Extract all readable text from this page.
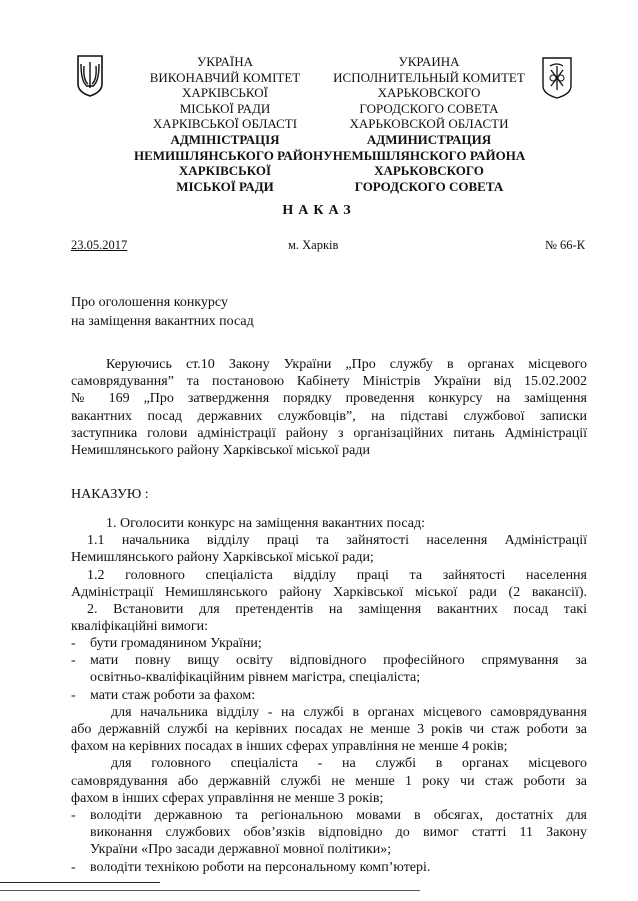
УКРАЇНА
ВИКОНАВЧИЙ КОМІТЕТ
ХАРКІВСЬКОЇ
МІСЬКОЇ РАДИ
ХАРКІВСЬКОЇ ОБЛАСТІ
АДМІНІСТРАЦІЯ
НЕМИШЛЯНСЬКОГО РАЙОНУ
ХАРКІВСЬКОЇ
МІСЬКОЇ РАДИ
УКРАИНА
ИСПОЛНИТЕЛЬНЫЙ КОМИТЕТ
ХАРЬКОВСКОГО
ГОРОДСКОГО СОВЕТА
ХАРЬКОВСКОЙ ОБЛАСТИ
АДМИНИСТРАЦИЯ
НЕМЫШЛЯНСКОГО РАЙОНА
ХАРЬКОВСКОГО
ГОРОДСКОГО СОВЕТА
НАКАЗ
23.05.2017	м. Харків	№ 66-К
Про оголошення конкурсу
на заміщення вакантних посад
Керуючись ст.10 Закону України „Про службу в органах місцевого
самоврядування” та постановою Кабінету Міністрів України від 15.02.2002
№ 169 „Про затвердження порядку проведення конкурсу на заміщення
вакантних посад державних службовців”, на підставі службової записки
заступника голови адміністрації району з організаційних питань Адміністрації
Немишлянського району Харківської міської ради
НАКАЗУЮ :
1. Оголосити конкурс на заміщення вакантних посад:
1.1 начальника відділу праці та зайнятості населення Адміністрації
Немишлянського району Харківської міської ради;
1.2 головного спеціаліста відділу праці та зайнятості населення
Адміністрації Немишлянського району Харківської міської ради (2 вакансії).
2. Встановити для претендентів на заміщення вакантних посад такі
кваліфікаційні вимоги:
- бути громадянином України;
- мати повну вищу освіту відповідного професійного спрямування за
освітньо-кваліфікаційним рівнем магістра, спеціаліста;
- мати стаж роботи за фахом:
для начальника відділу - на службі в органах місцевого самоврядування
або державній службі на керівних посадах не менше 3 років чи стаж роботи за
фахом на керівних посадах в інших сферах управління не менше 4 років;
для головного спеціаліста - на службі в органах місцевого
самоврядування або державній службі не менше 1 року чи стаж роботи за
фахом в інших сферах управління не менше 3 років;
- володіти державною та регіональною мовами в обсягах, достатніх для
виконання службових обов’язків відповідно до вимог статті 11 Закону
України «Про засади державної мовної політики»;
- володіти технікою роботи на персональному комп’ютері.
